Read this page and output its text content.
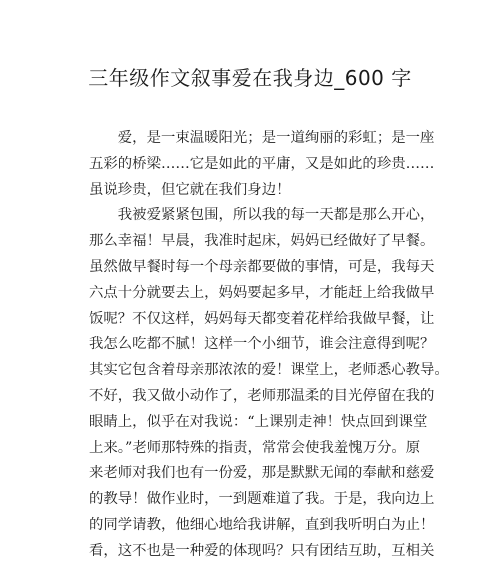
三年级作文叙事爱在我身边_600 字

　　爱，是一束温暖阳光；是一道绚丽的彩虹；是一座
五彩的桥梁……它是如此的平庸，又是如此的珍贵……
虽说珍贵，但它就在我们身边！

　　我被爱紧紧包围，所以我的每一天都是那么开心，
那么幸福！早晨，我准时起床，妈妈已经做好了早餐。
虽然做早餐时每一个母亲都要做的事情，可是，我每天
六点十分就要去上，妈妈要起多早，才能赶上给我做早
饭呢？不仅这样，妈妈每天都变着花样给我做早餐，让
我怎么吃都不腻！这样一个小细节，谁会注意得到呢？
其实它包含着母亲那浓浓的爱！课堂上，老师悉心教导。
不好，我又做小动作了，老师那温柔的目光停留在我的
眼睛上，似乎在对我说：“上课别走神！快点回到课堂
上来。”老师那特殊的指责，常常会使我羞愧万分。原
来老师对我们也有一份爱，那是默默无闻的奉献和慈爱
的教导！做作业时，一到题难道了我。于是，我向边上
的同学请教，他细心地给我讲解，直到我听明白为止！
看，这不也是一种爱的体现吗？只有团结互助，互相关
